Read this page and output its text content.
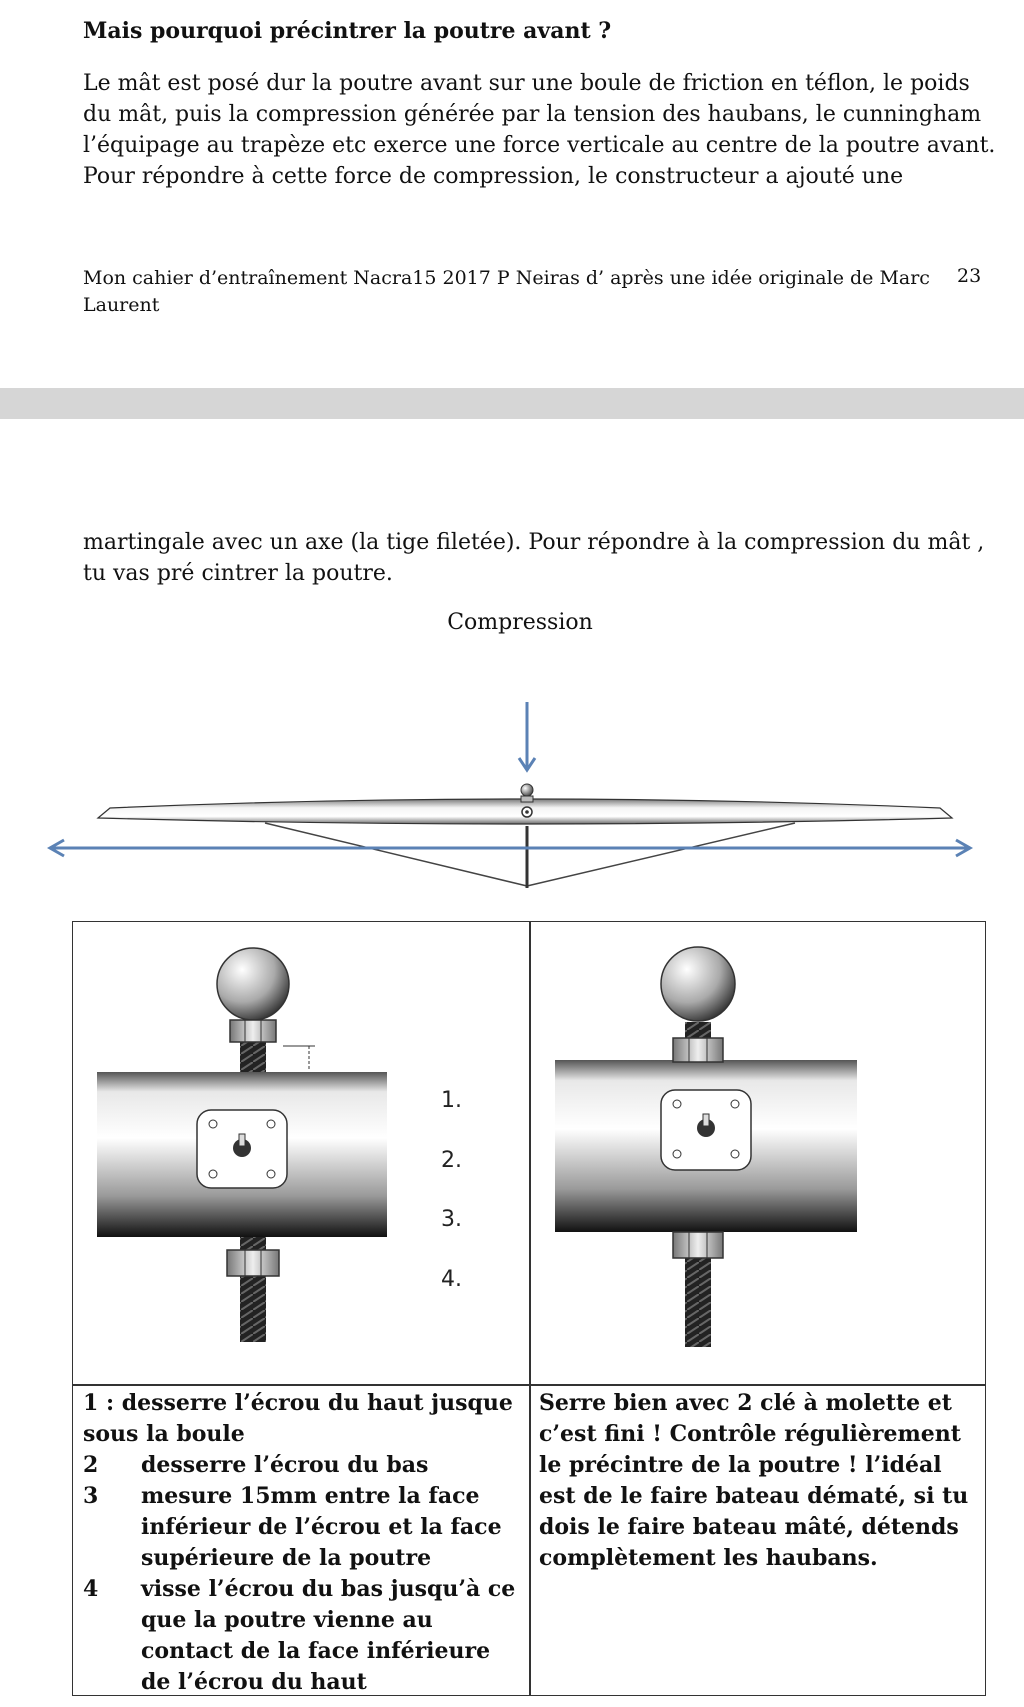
Mais pourquoi précintrer la poutre avant ?

Le mât est posé dur la poutre avant sur une boule de friction en téflon, le poids du mât, puis la compression générée par la tension des haubans, le cunningham l’équipage au trapèze etc exerce une force verticale au centre de la poutre avant. Pour répondre à cette force de compression, le constructeur a ajouté une

Mon cahier d’entraînement Nacra15 2017 P Neiras d’ après une idée originale de Marc Laurent
23

martingale avec un axe (la tige filetée). Pour répondre à la compression du mât , tu vas pré cintrer la poutre.

Compression
1.
2.
3.
4.
1 : desserre l’écrou du haut jusque sous la boule
2	desserre l’écrou du bas
3	mesure 15mm entre la face inférieur de l’écrou et la face supérieure de la poutre
4	visse l’écrou du bas jusqu’à ce que la poutre vienne au contact de la face inférieure de l’écrou du haut
Serre bien avec 2 clé à molette et c’est fini ! Contrôle régulièrement le précintre de la poutre ! l’idéal est de le faire bateau dématé, si tu dois le faire bateau mâté, détends complètement les haubans.
